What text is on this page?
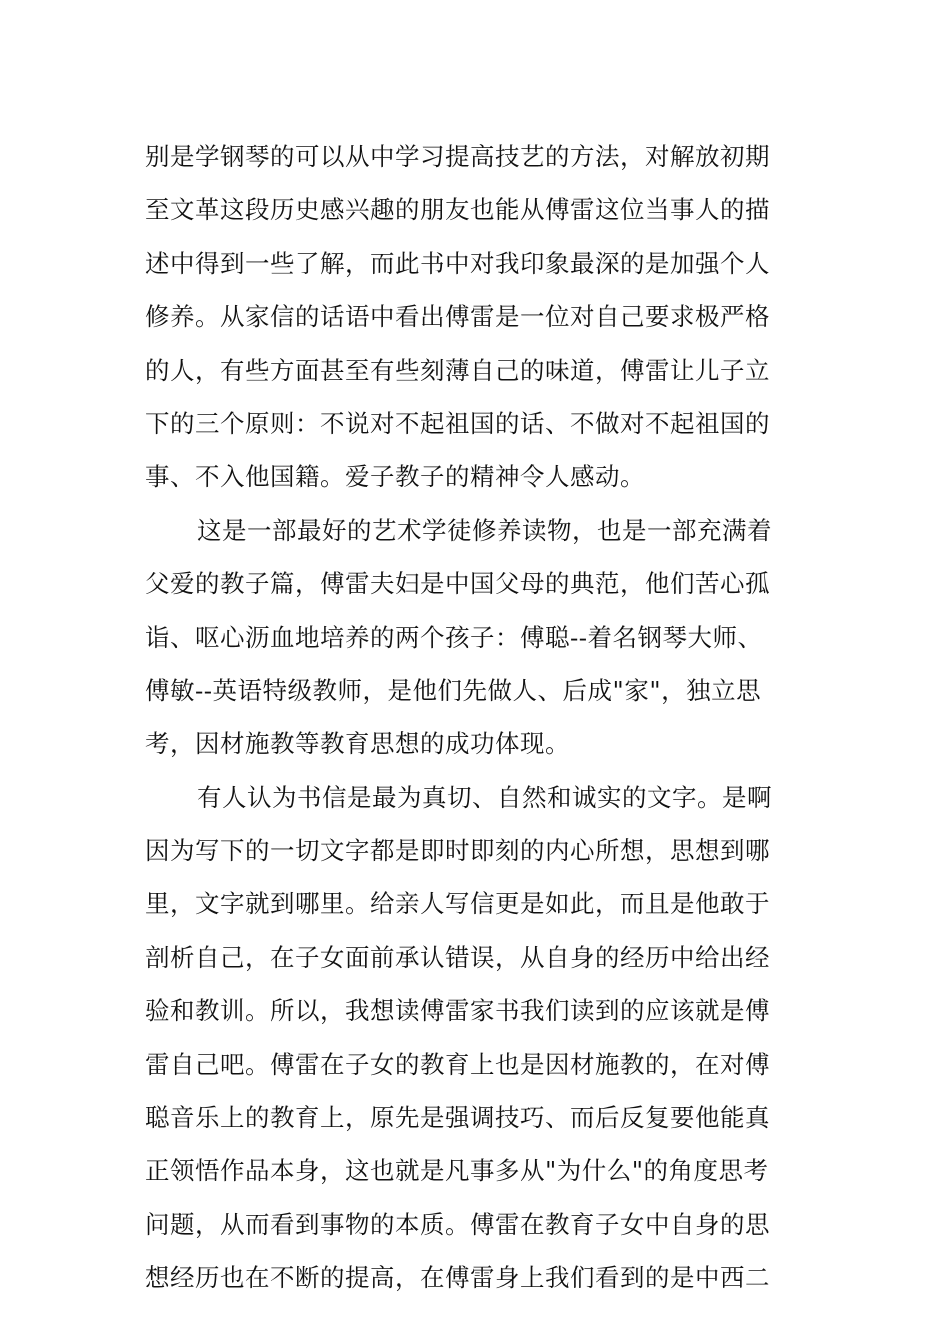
别是学钢琴的可以从中学习提高技艺的方法，对解放初期
至文革这段历史感兴趣的朋友也能从傅雷这位当事人的描
述中得到一些了解，而此书中对我印象最深的是加强个人
修养。从家信的话语中看出傅雷是一位对自己要求极严格
的人，有些方面甚至有些刻薄自己的味道，傅雷让儿子立
下的三个原则：不说对不起祖国的话、不做对不起祖国的
事、不入他国籍。爱子教子的精神令人感动。
这是一部最好的艺术学徒修养读物，也是一部充满着
父爱的教子篇，傅雷夫妇是中国父母的典范，他们苦心孤
诣、呕心沥血地培养的两个孩子：傅聪--着名钢琴大师、
傅敏--英语特级教师，是他们先做人、后成"家"，独立思
考，因材施教等教育思想的成功体现。
有人认为书信是最为真切、自然和诚实的文字。是啊
因为写下的一切文字都是即时即刻的内心所想，思想到哪
里，文字就到哪里。给亲人写信更是如此，而且是他敢于
剖析自己，在子女面前承认错误，从自身的经历中给出经
验和教训。所以，我想读傅雷家书我们读到的应该就是傅
雷自己吧。傅雷在子女的教育上也是因材施教的，在对傅
聪音乐上的教育上，原先是强调技巧、而后反复要他能真
正领悟作品本身，这也就是凡事多从"为什么"的角度思考
问题，从而看到事物的本质。傅雷在教育子女中自身的思
想经历也在不断的提高，在傅雷身上我们看到的是中西二
